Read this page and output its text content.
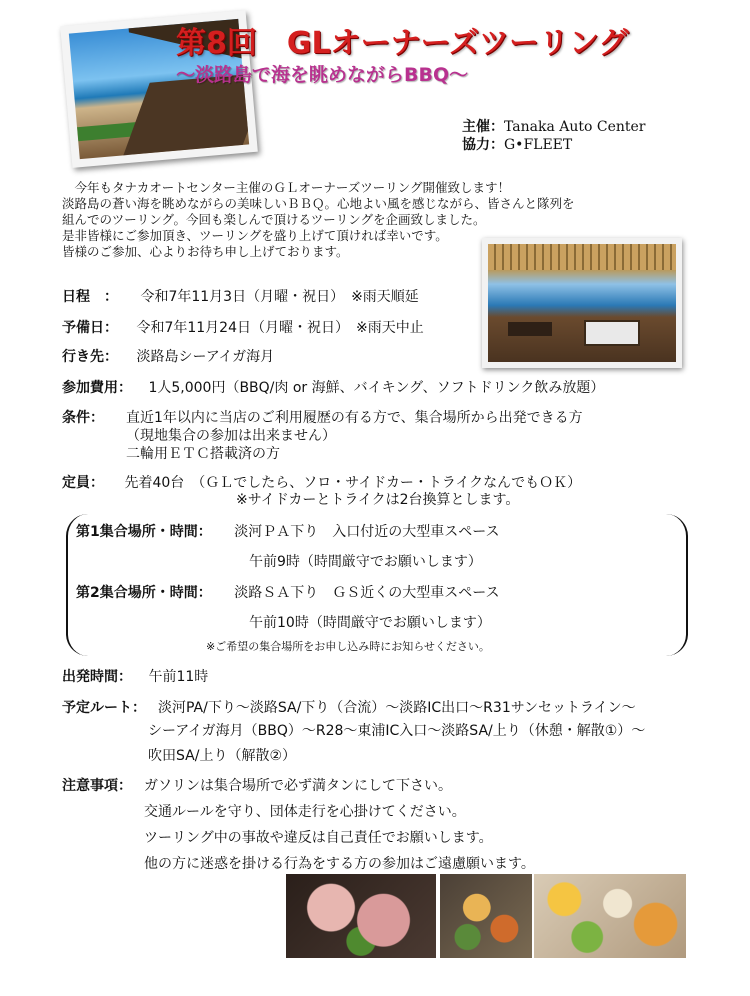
第8回　GLオーナーズツーリング
～淡路島で海を眺めながらBBQ～
主催：Tanaka Auto Center
協力：G•FLEET
　今年もタナカオートセンター主催のＧＬオーナーズツーリング開催致します！
淡路島の蒼い海を眺めながらの美味しいＢＢＱ。心地よい風を感じながら、皆さんと隊列を
組んでのツーリング。今回も楽しんで頂けるツーリングを企画致しました。
是非皆様にご参加頂き、ツーリングを盛り上げて頂ければ幸いです。
皆様のご参加、心よりお待ち申し上げております。
日程　： 令和7年11月3日（月曜・祝日）　※雨天順延
予備日： 令和7年11月24日（月曜・祝日）　※雨天中止
行き先： 淡路島シーアイガ海月
参加費用： 1人5,000円（BBQ/肉 or 海鮮、バイキング、ソフトドリンク飲み放題）
条件： 直近1年以内に当店のご利用履歴の有る方で、集合場所から出発できる方
（現地集合の参加は出来ません）
二輪用ＥＴＣ搭載済の方
定員： 先着40台　（ＧＬでしたら、ソロ・サイドカー・トライクなんでもＯＫ）
※サイドカーとトライクは2台換算とします。
第1集合場所・時間： 淡河ＰＡ下り　入口付近の大型車スペース
午前9時（時間厳守でお願いします）
第2集合場所・時間： 淡路ＳＡ下り　ＧＳ近くの大型車スペース
午前10時（時間厳守でお願いします）
※ご希望の集合場所をお申し込み時にお知らせください。
出発時間： 午前11時
予定ルート： 淡河PA/下り～淡路SA/下り（合流）～淡路IC出口～R31サンセットライン～
シーアイガ海月（BBQ）～R28～東浦IC入口～淡路SA/上り（休憩・解散①）～
吹田SA/上り（解散②）
注意事項： ガソリンは集合場所で必ず満タンにして下さい。
交通ルールを守り、団体走行を心掛けてください。
ツーリング中の事故や違反は自己責任でお願いします。
他の方に迷惑を掛ける行為をする方の参加はご遠慮願います。
